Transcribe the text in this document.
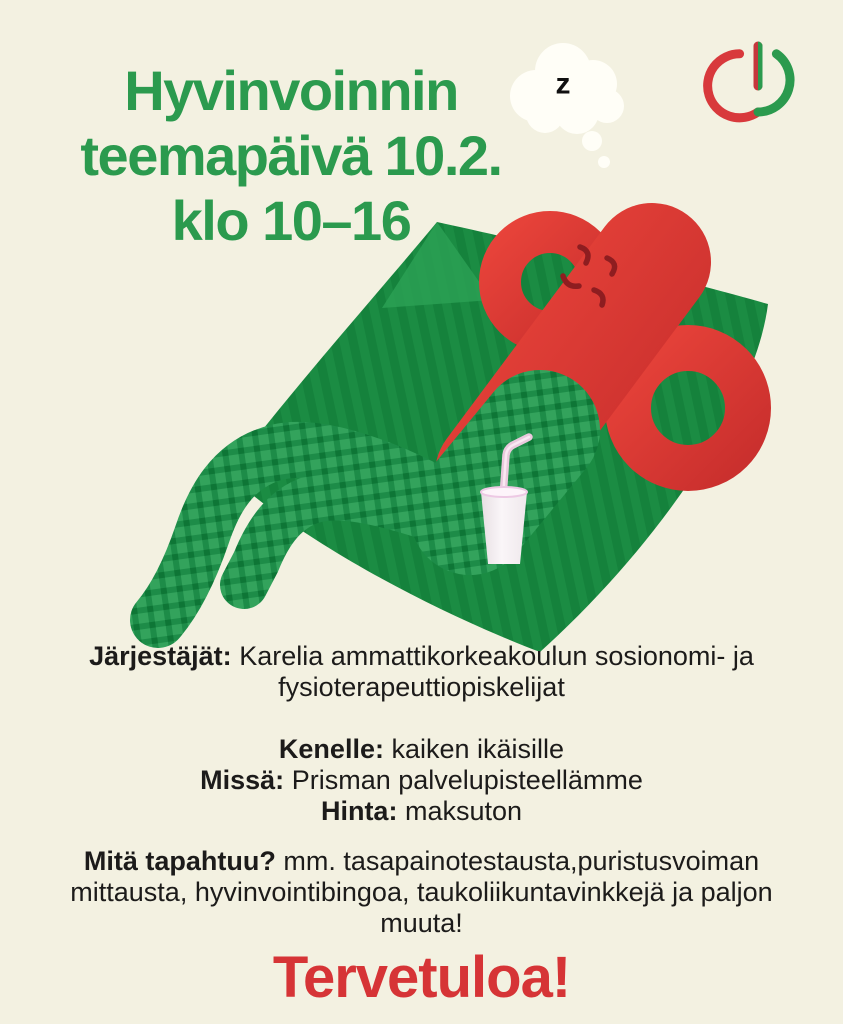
z
Hyvinvoinnin
teemapäivä 10.2.
klo 10–16
Järjestäjät: Karelia ammattikorkeakoulun sosionomi- ja
fysioterapeuttiopiskelijat
Kenelle: kaiken ikäisille
Missä: Prisman palvelupisteellämme
Hinta: maksuton
Mitä tapahtuu? mm. tasapainotestausta,puristusvoiman
mittausta, hyvinvointibingoa, taukoliikuntavinkkejä ja paljon
muuta!
Tervetuloa!
